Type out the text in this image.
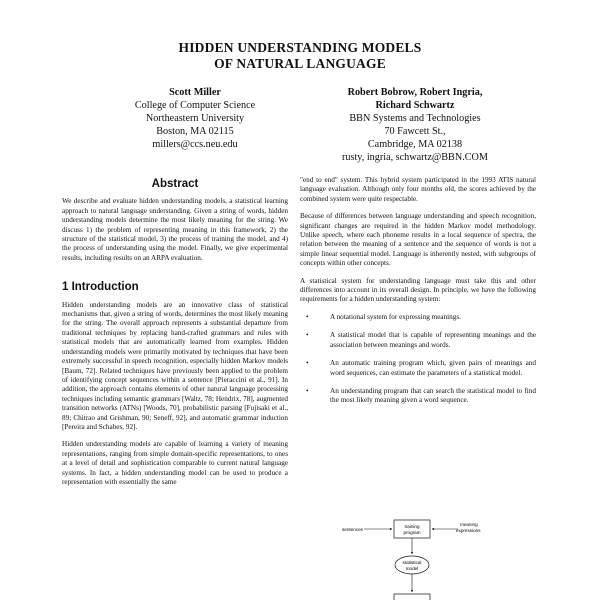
HIDDEN UNDERSTANDING MODELS
OF NATURAL LANGUAGE
Scott Miller
College of Computer Science
Northeastern University
Boston, MA 02115
millers@ccs.neu.edu
Robert Bobrow, Robert Ingria,
Richard Schwartz
BBN Systems and Technologies
70 Fawcett St.,
Cambridge, MA 02138
rusty, ingria, schwartz@BBN.COM
Abstract

We describe and evaluate hidden understanding models, a statistical learning approach to natural language understanding. Given a string of words, hidden understanding models determine the most likely meaning for the string. We discuss 1) the problem of representing meaning in this framework, 2) the structure of the statistical model, 3) the process of training the model, and 4) the process of understanding using the model. Finally, we give experimental results, including results on an ARPA evaluation.

1 Introduction

Hidden understanding models are an innovative class of statistical mechanisms that, given a string of words, determines the most likely meaning for the string. The overall approach represents a substantial departure from traditional techniques by replacing hand-crafted grammars and rules with statistical models that are automatically learned from examples. Hidden understanding models were primarily motivated by techniques that have been extremely successful in speech recognition, especially hidden Markov models [Baum, 72]. Related techniques have previously been applied to the problem of identifying concept sequences within a sentence [Pieraccini et al., 91]. In addition, the approach contains elements of other natural language processing techniques including semantic grammars [Waltz, 78; Hendrix, 78], augmented transition networks (ATNs) [Woods, 70], probabilistic parsing [Fujisaki et al., 89; Chitrao and Grishman, 90; Seneff, 92], and automatic grammar induction [Pereira and Schabes, 92].

Hidden understanding models are capable of learning a variety of meaning representations, ranging from simple domain-specific representations, to ones at a level of detail and sophistication comparable to current natural language systems. In fact, a hidden understanding model can be used to produce a representation with essentially the same

"end to end" system. This hybrid system participated in the 1993 ATIS natural language evaluation. Although only four months old, the scores achieved by the combined system were quite respectable.

Because of differences between language understanding and speech recognition, significant changes are required in the hidden Markov model methodology. Unlike speech, where each phoneme results in a local sequence of spectra, the relation between the meaning of a sentence and the sequence of words is not a simple linear sequential model. Language is inherently nested, with subgroups of concepts within other concepts.

A statistical system for understanding language must take this and other differences into account in its overall design. In principle, we have the following requirements for a hidden understanding system:

•	A notational system for expressing meanings.
•	A statistical model that is capable of representing meanings and the association between meanings and words.
•	An automatic training program which, given pairs of meanings and word sequences, can estimate the parameters of a statistical model.
•	An understanding program that can search the statistical model to find the most likely meaning given a word sequence.
sentences
training
program
meaning
expressions
statistical
model
